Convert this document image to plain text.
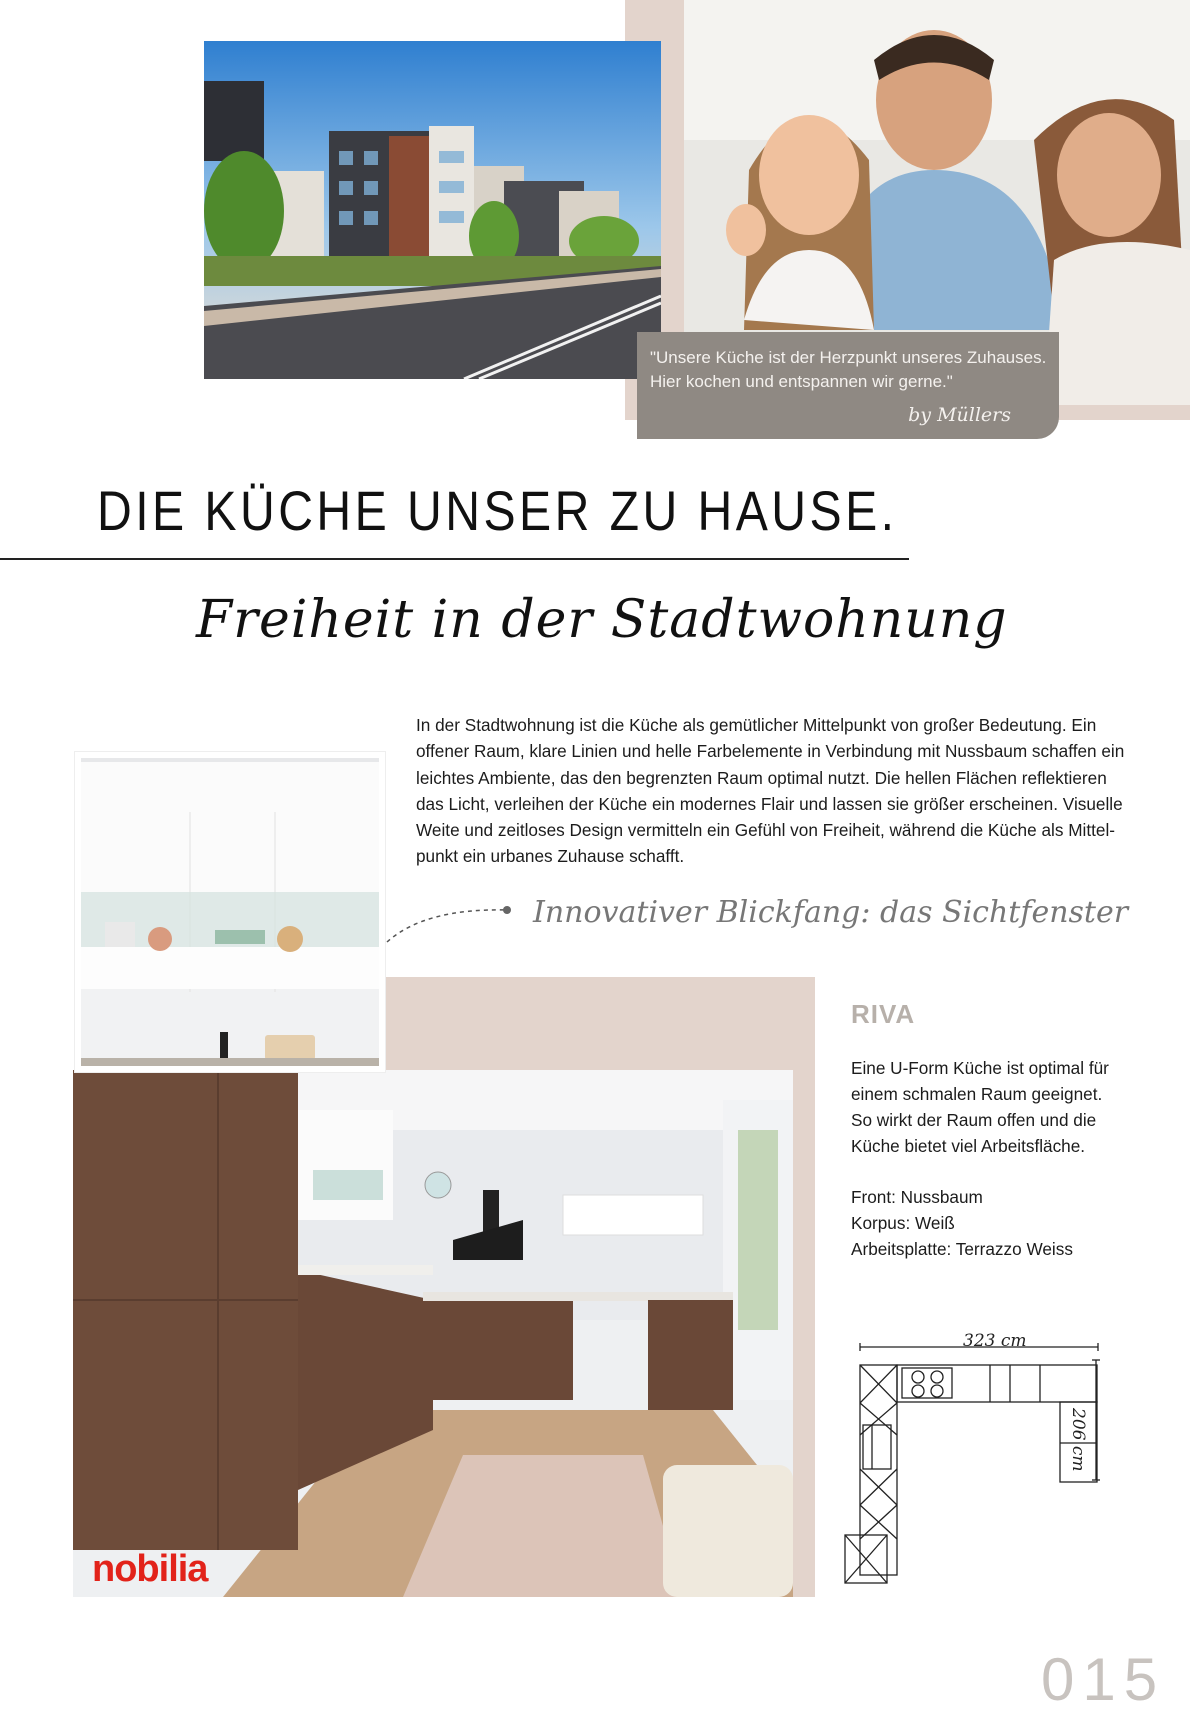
"Unsere Küche ist der Herzpunkt unseres Zuhauses.
Hier kochen und entspannen wir gerne."
by Müllers
DIE KÜCHE UNSER ZU HAUSE.
Freiheit in der Stadtwohnung
In der Stadtwohnung ist die Küche als gemütlicher Mittelpunkt von großer Bedeutung. Ein
offener Raum, klare Linien und helle Farbelemente in Verbindung mit Nussbaum schaffen ein
leichtes Ambiente, das den begrenzten Raum optimal nutzt. Die hellen Flächen reflektieren
das Licht, verleihen der Küche ein modernes Flair und lassen sie größer erscheinen. Visuelle
Weite und zeitloses Design vermitteln ein Gefühl von Freiheit, während die Küche als Mittel-
punkt ein urbanes Zuhause schafft.
Innovativer Blickfang: das Sichtfenster
nobilia
RIVA
Eine U-Form Küche ist optimal für
einem schmalen Raum geeignet.
So wirkt der Raum offen und die
Küche bietet viel Arbeitsfläche.
Front: Nussbaum
Korpus: Weiß
Arbeitsplatte: Terrazzo Weiss
323 cm
206 cm
015
